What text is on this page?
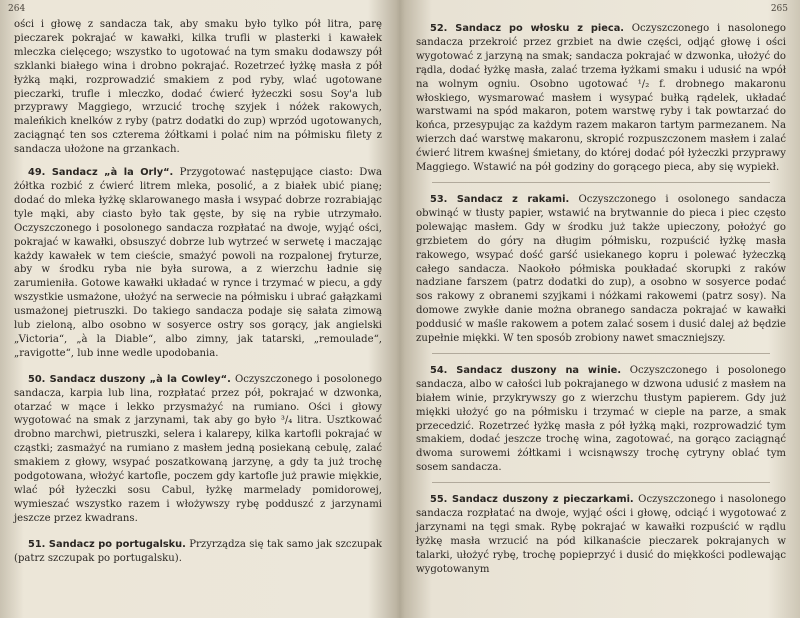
264

ości i głowę z sandacza tak, aby smaku było tylko pół litra, parę pieczarek pokrajać w kawałki, kilka trufli w plasterki i kawałek mleczka cielęcego; wszystko to ugotować na tym smaku dodawszy pół szklanki białego wina i drobno pokrajać. Rozetrzeć łyżkę masła z pół łyżką mąki, rozprowadzić smakiem z pod ryby, wlać ugotowane pieczarki, trufle i mleczko, dodać ćwierć łyżeczki sosu Soy'a lub przyprawy Maggiego, wrzucić trochę szyjek i nóżek rakowych, maleńkich knelków z ryby (patrz dodatki do zup) wprzód ugotowanych, zaciągnąć ten sos czterema żółtkami i polać nim na półmisku filety z sandacza ułożone na grzankach.

49. Sandacz „à la Orly“. Przygotować następujące ciasto: Dwa żółtka rozbić z ćwierć litrem mleka, posolić, a z białek ubić pianę; dodać do mleka łyżkę sklarowanego masła i wsypać dobrze rozrabiając tyle mąki, aby ciasto było tak gęste, by się na rybie utrzymało. Oczyszczonego i posolonego sandacza rozpłatać na dwoje, wyjąć ości, pokrajać w kawałki, obsuszyć dobrze lub wytrzeć w serwetę i maczając każdy kawałek w tem cieście, smażyć powoli na rozpalonej fryturze, aby w środku ryba nie była surowa, a z wierzchu ładnie się zarumieniła. Gotowe kawałki układać w rynce i trzymać w piecu, a gdy wszystkie usmażone, ułożyć na serwecie na półmisku i ubrać gałązkami usmażonej pietruszki. Do takiego sandacza podaje się sałata zimową lub zieloną, albo osobno w sosyerce ostry sos gorący, jak angielski „Victoria“, „à la Diable“, albo zimny, jak tatarski, „remoulade“, „ravigotte“, lub inne wedle upodobania.

50. Sandacz duszony „à la Cowley“. Oczyszczonego i posolonego sandacza, karpia lub lina, rozpłatać przez pół, pokrajać w dzwonka, otarzać w mące i lekko przysmażyć na rumiano. Ości i głowy wygotować na smak z jarzynami, tak aby go było ³/₄ litra. Usztkować drobno marchwi, pietruszki, selera i kalarepy, kilka kartofli pokrajać w cząstki; zasmażyć na rumiano z masłem jedną posiekaną cebulę, zalać smakiem z głowy, wsypać poszatkowaną jarzynę, a gdy ta już trochę podgotowana, włożyć kartofle, poczem gdy kartofle już prawie miękkie, wlać pół łyżeczki sosu Cabul, łyżkę marmelady pomidorowej, wymieszać wszystko razem i włożywszy rybę podduszć z jarzynami jeszcze przez kwadrans.

51. Sandacz po portugalsku. Przyrządza się tak samo jak szczupak (patrz szczupak po portugalsku).

265

52. Sandacz po włosku z pieca. Oczyszczonego i nasolonego sandacza przekroić przez grzbiet na dwie części, odjąć głowę i ości wygotować z jarzyną na smak; sandacza pokrajać w dzwonka, ułożyć do rądla, dodać łyżkę masła, zalać trzema łyżkami smaku i udusić na wpół na wolnym ogniu. Osobno ugotować ¹/₂ f. drobnego makaronu włoskiego, wysmarować masłem i wysypać bułką rądelek, układać warstwami na spód makaron, potem warstwę ryby i tak powtarzać do końca, przesypując za każdym razem makaron tartym parmezanem. Na wierzch dać warstwę makaronu, skropić rozpuszczonem masłem i zalać ćwierć litrem kwaśnej śmietany, do której dodać pół łyżeczki przyprawy Maggiego. Wstawić na pół godziny do gorącego pieca, aby się wypiekł.

53. Sandacz z rakami. Oczyszczonego i osolonego sandacza obwinąć w tłusty papier, wstawić na brytwannie do pieca i piec często polewając masłem. Gdy w środku już także upieczony, położyć go grzbietem do góry na długim półmisku, rozpuścić łyżkę masła rakowego, wsypać dość garść usiekanego kopru i polewać łyżeczką całego sandacza. Naokoło półmiska poukładać skorupki z raków nadziane farszem (patrz dodatki do zup), a osobno w sosyerce podać sos rakowy z obranemi szyjkami i nóżkami rakowemi (patrz sosy). Na domowe zwykłe danie można obranego sandacza pokrajać w kawałki poddusić w maśle rakowem a potem zalać sosem i dusić dalej aż będzie zupełnie miękki. W ten sposób zrobiony nawet smaczniejszy.

54. Sandacz duszony na winie. Oczyszczonego i posolonego sandacza, albo w całości lub pokrajanego w dzwona udusić z masłem na białem winie, przykrywszy go z wierzchu tłustym papierem. Gdy już miękki ułożyć go na półmisku i trzymać w cieple na parze, a smak przecedzić. Rozetrzeć łyżkę masła z pół łyżką mąki, rozprowadzić tym smakiem, dodać jeszcze trochę wina, zagotować, na gorąco zaciągnąć dwoma surowemi żółtkami i wcisnąwszy trochę cytryny oblać tym sosem sandacza.

55. Sandacz duszony z pieczarkami. Oczyszczonego i nasolonego sandacza rozpłatać na dwoje, wyjąć ości i głowę, odciąć i wygotować z jarzynami na tęgi smak. Rybę pokrajać w kawałki rozpuścić w rądlu łyżkę masła wrzucić na pód kilkanaście pieczarek pokrajanych w talarki, ułożyć rybę, trochę popieprzyć i dusić do miękkości podlewając wygotowanym
